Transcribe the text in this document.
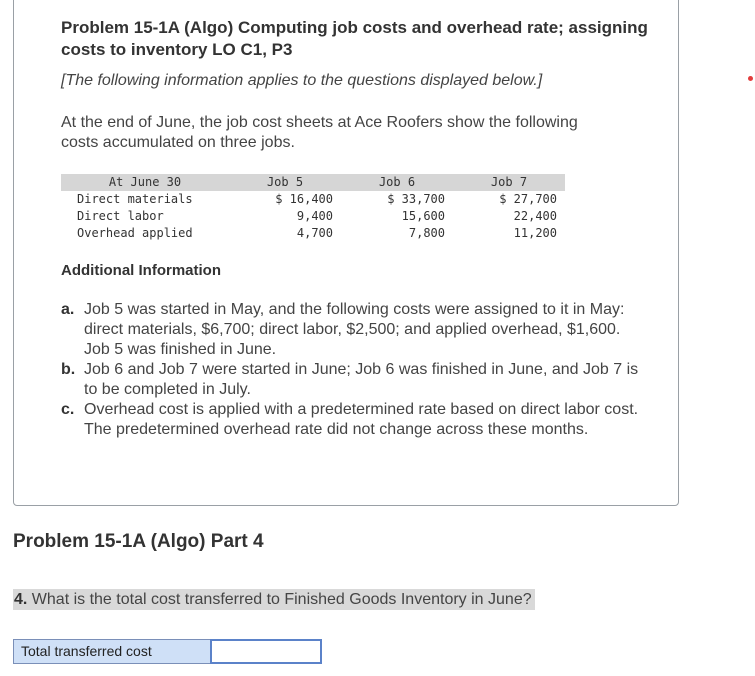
Problem 15-1A (Algo) Computing job costs and overhead rate; assigning costs to inventory LO C1, P3
[The following information applies to the questions displayed below.]
At the end of June, the job cost sheets at Ace Roofers show the following costs accumulated on three jobs.
At June 30	Job 5	Job 6	Job 7
Direct materials	$ 16,400	$ 33,700	$ 27,700
Direct labor	9,400	15,600	22,400
Overhead applied	4,700	7,800	11,200
Additional Information
a. Job 5 was started in May, and the following costs were assigned to it in May: direct materials, $6,700; direct labor, $2,500; and applied overhead, $1,600. Job 5 was finished in June.
b. Job 6 and Job 7 were started in June; Job 6 was finished in June, and Job 7 is to be completed in July.
c. Overhead cost is applied with a predetermined rate based on direct labor cost. The predetermined overhead rate did not change across these months.
Problem 15-1A (Algo) Part 4
4. What is the total cost transferred to Finished Goods Inventory in June?
Total transferred cost
